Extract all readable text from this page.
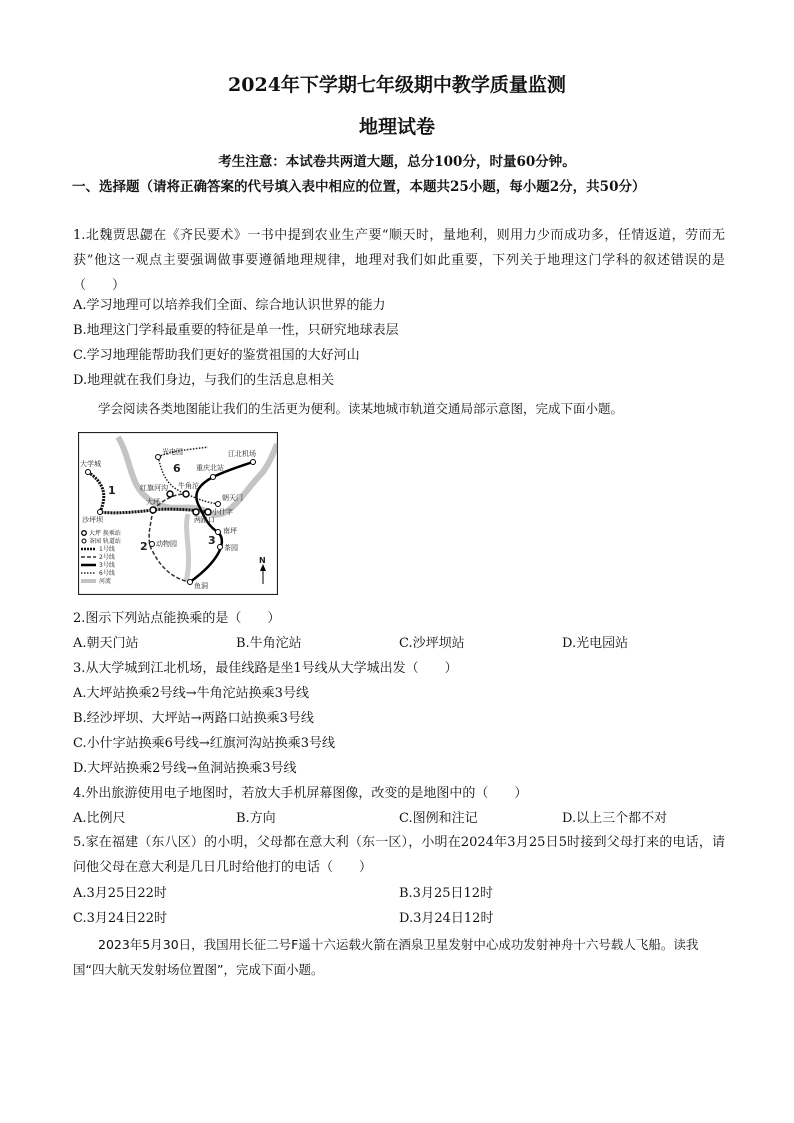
2024年下学期七年级期中教学质量监测
地理试卷
考生注意：本试卷共两道大题，总分100分，时量60分钟。
一、选择题（请将正确答案的代号填入表中相应的位置，本题共25小题，每小题2分，共50分）
1.北魏贾思勰在《齐民要术》一书中提到农业生产要“顺天时，量地利，则用力少而成功多，任情返道，劳而无获”他这一观点主要强调做事要遵循地理规律，地理对我们如此重要，下列关于地理这门学科的叙述错误的是（　　）
A.学习地理可以培养我们全面、综合地认识世界的能力
B.地理这门学科最重要的特征是单一性，只研究地球表层
C.学习地理能帮助我们更好的鉴赏祖国的大好河山
D.地理就在我们身边，与我们的生活息息相关
学会阅读各类地图能让我们的生活更为便利。读某地城市轨道交通局部示意图，完成下面小题。
大学城
光电园	江北机场
重庆北站
朝天门
红旗河沟 牛角沱
小什字
沙坪坝
大坪
两路口
南坪
动物园	茶园
鱼洞
1
2	3
6
大坪 换乘站
茶园 轨道站
1号线
2号线
3号线
6号线
河流
N
2.图示下列站点能换乘的是（　　）
A.朝天门站	B.牛角沱站	C.沙坪坝站	D.光电园站
3.从大学城到江北机场，最佳线路是坐1号线从大学城出发（　　）
A.大坪站换乘2号线→牛角沱站换乘3号线
B.经沙坪坝、大坪站→两路口站换乘3号线
C.小什字站换乘6号线→红旗河沟站换乘3号线
D.大坪站换乘2号线→鱼洞站换乘3号线
4.外出旅游使用电子地图时，若放大手机屏幕图像，改变的是地图中的（　　）
A.比例尺	B.方向	C.图例和注记	D.以上三个都不对
5.家在福建（东八区）的小明，父母都在意大利（东一区），小明在2024年3月25日5时接到父母打来的电话，请问他父母在意大利是几日几时给他打的电话（　　）
A.3月25日22时	B.3月25日12时
C.3月24日22时	D.3月24日12时
2023年5月30日，我国用长征二号F遥十六运载火箭在酒泉卫星发射中心成功发射神舟十六号载人飞船。读我国“四大航天发射场位置图”，完成下面小题。
